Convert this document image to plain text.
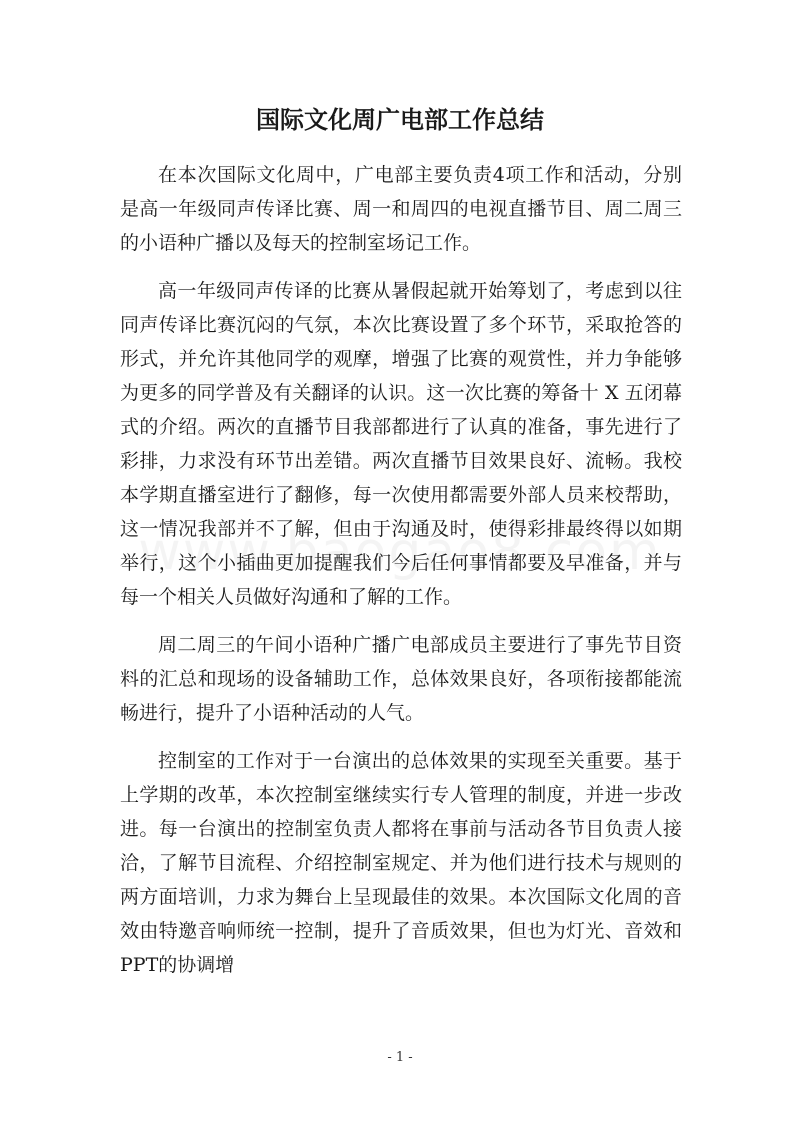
国际文化周广电部工作总结

在本次国际文化周中，广电部主要负责4项工作和活动，分别是高一年级同声传译比赛、周一和周四的电视直播节目、周二周三的小语种广播以及每天的控制室场记工作。

高一年级同声传译的比赛从暑假起就开始筹划了，考虑到以往同声传译比赛沉闷的气氛，本次比赛设置了多个环节，采取抢答的形式，并允许其他同学的观摩，增强了比赛的观赏性，并力争能够为更多的同学普及有关翻译的认识。这一次比赛的筹备十 X 五闭幕式的介绍。两次的直播节目我部都进行了认真的准备，事先进行了彩排，力求没有环节出差错。两次直播节目效果良好、流畅。我校本学期直播室进行了翻修，每一次使用都需要外部人员来校帮助，这一情况我部并不了解，但由于沟通及时，使得彩排最终得以如期举行，这个小插曲更加提醒我们今后任何事情都要及早准备，并与每一个相关人员做好沟通和了解的工作。

周二周三的午间小语种广播广电部成员主要进行了事先节目资料的汇总和现场的设备辅助工作，总体效果良好，各项衔接都能流畅进行，提升了小语种活动的人气。

控制室的工作对于一台演出的总体效果的实现至关重要。基于上学期的改革，本次控制室继续实行专人管理的制度，并进一步改进。每一台演出的控制室负责人都将在事前与活动各节目负责人接洽，了解节目流程、介绍控制室规定、并为他们进行技术与规则的两方面培训，力求为舞台上呈现最佳的效果。本次国际文化周的音效由特邀音响师统一控制，提升了音质效果，但也为灯光、音效和PPT的协调增

- 1 -
